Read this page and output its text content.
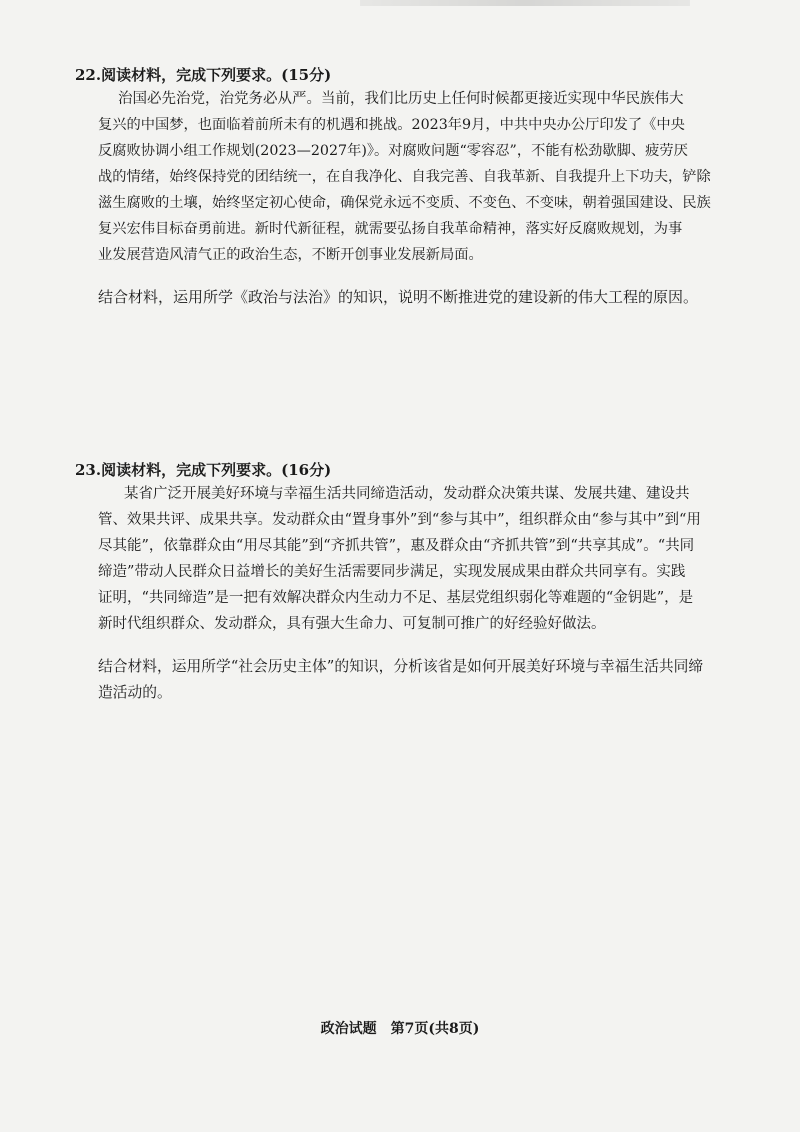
22.阅读材料，完成下列要求。(15分)
治国必先治党，治党务必从严。当前，我们比历史上任何时候都更接近实现中华民族伟大
复兴的中国梦，也面临着前所未有的机遇和挑战。2023年9月，中共中央办公厅印发了《中央
反腐败协调小组工作规划(2023—2027年)》。对腐败问题“零容忍”，不能有松劲歇脚、疲劳厌
战的情绪，始终保持党的团结统一，在自我净化、自我完善、自我革新、自我提升上下功夫，铲除
滋生腐败的土壤，始终坚定初心使命，确保党永远不变质、不变色、不变味，朝着强国建设、民族
复兴宏伟目标奋勇前进。新时代新征程，就需要弘扬自我革命精神，落实好反腐败规划，为事
业发展营造风清气正的政治生态，不断开创事业发展新局面。
结合材料，运用所学《政治与法治》的知识，说明不断推进党的建设新的伟大工程的原因。
23.阅读材料，完成下列要求。(16分)
某省广泛开展美好环境与幸福生活共同缔造活动，发动群众决策共谋、发展共建、建设共
管、效果共评、成果共享。发动群众由“置身事外”到“参与其中”，组织群众由“参与其中”到“用
尽其能”，依靠群众由“用尽其能”到“齐抓共管”，惠及群众由“齐抓共管”到“共享其成”。“共同
缔造”带动人民群众日益增长的美好生活需要同步满足，实现发展成果由群众共同享有。实践
证明，“共同缔造”是一把有效解决群众内生动力不足、基层党组织弱化等难题的“金钥匙”，是
新时代组织群众、发动群众，具有强大生命力、可复制可推广的好经验好做法。
结合材料，运用所学“社会历史主体”的知识，分析该省是如何开展美好环境与幸福生活共同缔
造活动的。
政治试题　第7页(共8页)
